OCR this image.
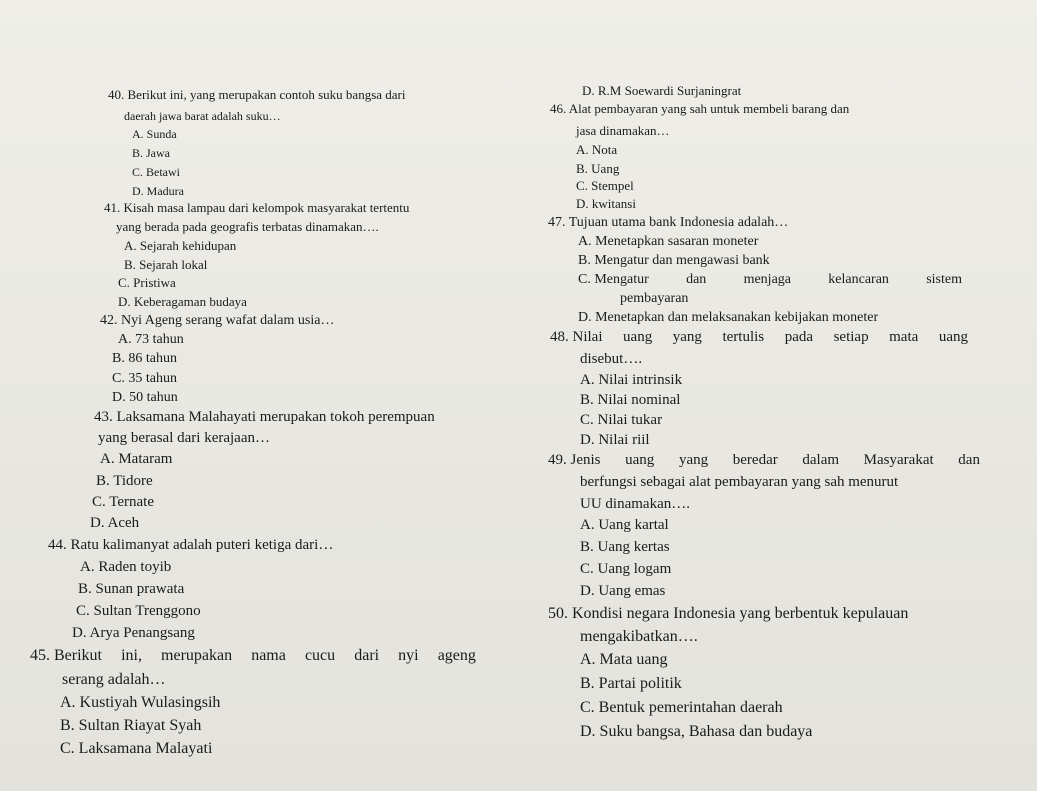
40. Berikut ini, yang merupakan contoh suku bangsa dari
daerah jawa barat adalah suku…
A. Sunda
B. Jawa
C. Betawi
D. Madura
41. Kisah masa lampau dari kelompok masyarakat tertentu
yang berada pada geografis terbatas dinamakan….
A. Sejarah kehidupan
B. Sejarah lokal
C. Pristiwa
D. Keberagaman budaya
42. Nyi Ageng serang wafat dalam usia…
A. 73 tahun
B. 86 tahun
C. 35 tahun
D. 50 tahun
43. Laksamana Malahayati merupakan tokoh perempuan
yang berasal dari kerajaan…
A. Mataram
B. Tidore
C. Ternate
D. Aceh
44. Ratu kalimanyat adalah puteri ketiga dari…
A. Raden toyib
B. Sunan prawata
C. Sultan Trenggono
D. Arya Penangsang
45. Berikut ini, merupakan nama cucu dari nyi ageng
serang adalah…
A. Kustiyah Wulasingsih
B. Sultan Riayat Syah
C. Laksamana Malayati
D. R.M Soewardi Surjaningrat
46. Alat pembayaran yang sah untuk membeli barang dan
jasa dinamakan…
A. Nota
B. Uang
C. Stempel
D. kwitansi
47. Tujuan utama bank Indonesia adalah…
A. Menetapkan sasaran moneter
B. Mengatur dan mengawasi bank
C. Mengatur	dan	menjaga	kelancaran	sistem
pembayaran
D. Menetapkan dan melaksanakan kebijakan moneter
48. Nilai uang yang tertulis pada setiap mata uang
disebut….
A. Nilai intrinsik
B. Nilai nominal
C. Nilai tukar
D. Nilai riil
49. Jenis uang yang beredar dalam Masyarakat dan
berfungsi sebagai alat pembayaran yang sah menurut
UU dinamakan….
A. Uang kartal
B. Uang kertas
C. Uang logam
D. Uang emas
50. Kondisi negara Indonesia yang berbentuk kepulauan
mengakibatkan….
A. Mata uang
B. Partai politik
C. Bentuk pemerintahan daerah
D. Suku bangsa, Bahasa dan budaya
